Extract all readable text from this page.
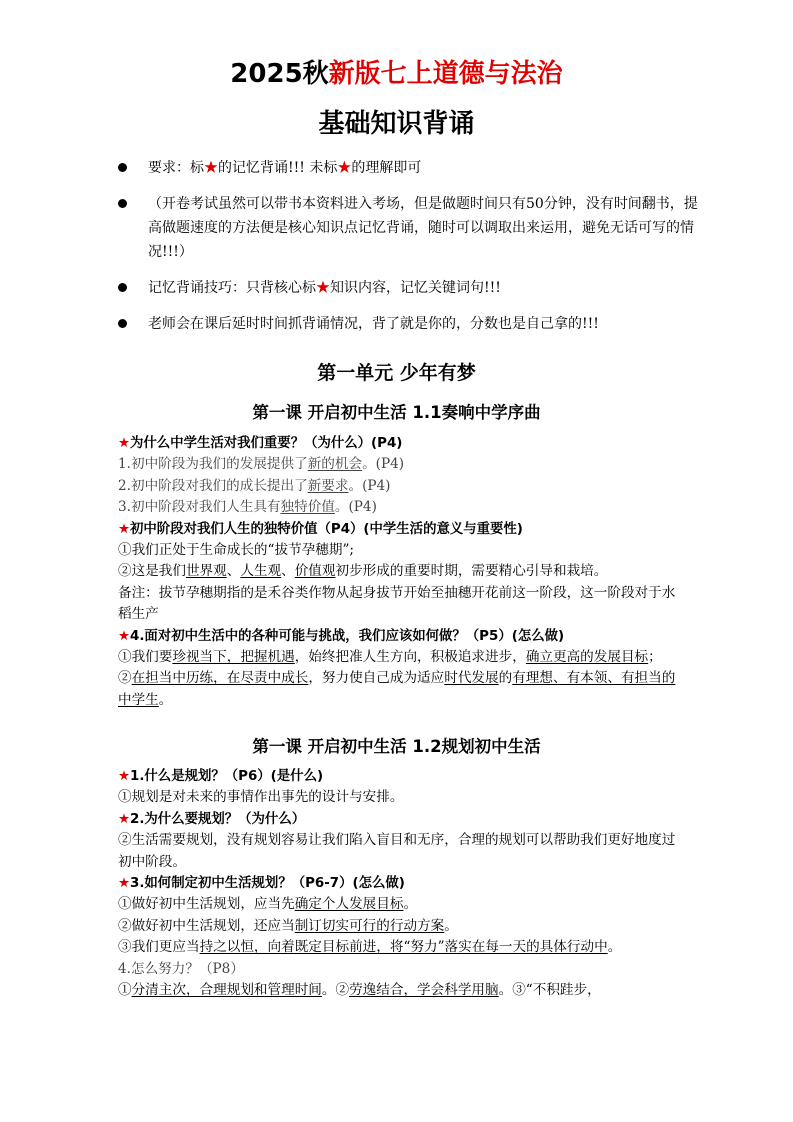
2025秋新版七上道德与法治
基础知识背诵
要求：标★的记忆背诵!!! 未标★的理解即可
（开卷考试虽然可以带书本资料进入考场，但是做题时间只有50分钟，没有时间翻书，提高做题速度的方法便是核心知识点记忆背诵，随时可以调取出来运用，避免无话可写的情况!!!）
记忆背诵技巧：只背核心标★知识内容，记忆关键词句!!!
老师会在课后延时时间抓背诵情况，背了就是你的，分数也是自己拿的!!!
第一单元 少年有梦
第一课 开启初中生活 1.1奏响中学序曲
★为什么中学生活对我们重要？（为什么）(P4)
1.初中阶段为我们的发展提供了新的机会。(P4)
2.初中阶段对我们的成长提出了新要求。(P4)
3.初中阶段对我们人生具有独特价值。(P4)
★初中阶段对我们人生的独特价值（P4）(中学生活的意义与重要性)
①我们正处于生命成长的“拔节孕穗期”;
②这是我们世界观、人生观、价值观初步形成的重要时期，需要精心引导和栽培。
备注：拔节孕穗期指的是禾谷类作物从起身拔节开始至抽穗开花前这一阶段，这一阶段对于水稻生产
★4.面对初中生活中的各种可能与挑战，我们应该如何做？（P5）(怎么做)
①我们要珍视当下，把握机遇，始终把准人生方向，积极追求进步，确立更高的发展目标；
②在担当中历练，在尽责中成长，努力使自己成为适应时代发展的有理想、有本领、有担当的中学生。
第一课 开启初中生活 1.2规划初中生活
★1.什么是规划？（P6）(是什么)
①规划是对未来的事情作出事先的设计与安排。
★2.为什么要规划？（为什么）
②生活需要规划，没有规划容易让我们陷入盲目和无序，合理的规划可以帮助我们更好地度过初中阶段。
★3.如何制定初中生活规划？（P6-7）(怎么做)
①做好初中生活规划，应当先确定个人发展目标。
②做好初中生活规划，还应当制订切实可行的行动方案。
③我们更应当持之以恒，向着既定目标前进，将“努力”落实在每一天的具体行动中。
4.怎么努力？（P8）
①分清主次，合理规划和管理时间。②劳逸结合，学会科学用脑。③“不积跬步，
